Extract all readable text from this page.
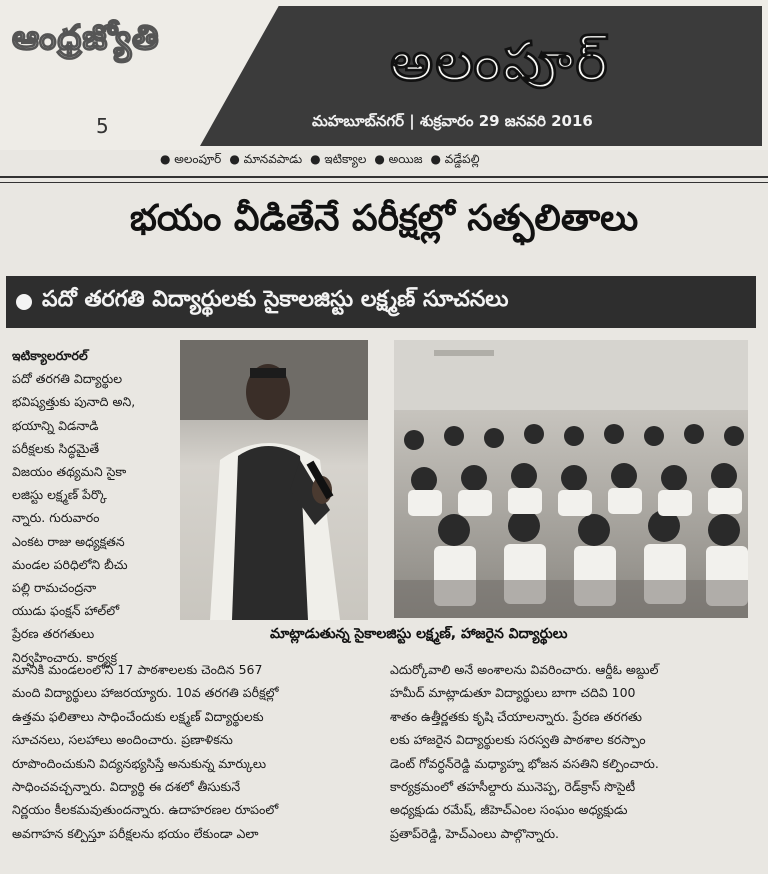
ఆంధ్రజ్యోతి
5
అలంపూర్
మహబూబ్‌నగర్ | శుక్రవారం 29 జనవరి 2016
● అలంపూర్ ● మానవపాడు ● ఇటిక్యాల ● అయిజ ● వడ్డేపల్లి
భయం వీడితేనే పరీక్షల్లో సత్ఫలితాలు
పదో తరగతి విద్యార్థులకు సైకాలజిస్టు లక్ష్మణ్ సూచనలు
ఇటిక్యాలరూరల్
పదో తరగతి విద్యార్థుల
భవిష్యత్తుకు పునాది అని,
భయాన్ని విడనాడి
పరీక్షలకు సిద్ధమైతే
విజయం తథ్యమని సైకా
లజిస్టు లక్ష్మణ్ పేర్కొ
న్నారు. గురువారం
ఎంకట రాజు అధ్యక్షతన
మండల పరిధిలోని బీచు
పల్లి రామచంద్రనా
యుడు ఫంక్షన్ హాల్‌లో
ప్రేరణ తరగతులు
నిర్వహించారు. కార్యక్ర
మాట్లాడుతున్న సైకాలజిస్టు లక్ష్మణ్, హాజరైన విద్యార్థులు
మానికి మండలంలోని 17 పాఠశాలలకు చెందిన 567
మంది విద్యార్థులు హాజరయ్యారు. 10వ తరగతి పరీక్షల్లో
ఉత్తమ ఫలితాలు సాధించేందుకు లక్ష్మణ్ విద్యార్థులకు
సూచనలు, సలహాలు అందించారు. ప్రణాళికను
రూపొందించుకుని విద్యనభ్యసిస్తే అనుకున్న మార్కులు
సాధించవచ్చన్నారు. విద్యార్థి ఈ దశలో తీసుకునే
నిర్ణయం కీలకమవుతుందన్నారు. ఉదాహరణల రూపంలో
అవగాహన కల్పిస్తూ పరీక్షలను భయం లేకుండా ఎలా
ఎదుర్కోవాలి అనే అంశాలను వివరించారు. ఆర్డీఓ అబ్దుల్
హమీద్ మాట్లాడుతూ విద్యార్థులు బాగా చదివి 100
శాతం ఉత్తీర్ణతకు కృషి చేయాలన్నారు. ప్రేరణ తరగతు
లకు హాజరైన విద్యార్థులకు సరస్వతి పాఠశాల కరస్పాం
డెంట్ గోవర్ధన్‌రెడ్డి మధ్యాహ్న భోజన వసతిని కల్పించారు.
కార్యక్రమంలో తహసీల్దారు మునెప్ప, రెడ్‌క్రాస్ సొసైటీ
అధ్యక్షుడు రమేష్, జీహెచ్ఎంల సంఘం అధ్యక్షుడు
ప్రతాప్‌రెడ్డి, హెచ్ఎంలు పాల్గొన్నారు.
